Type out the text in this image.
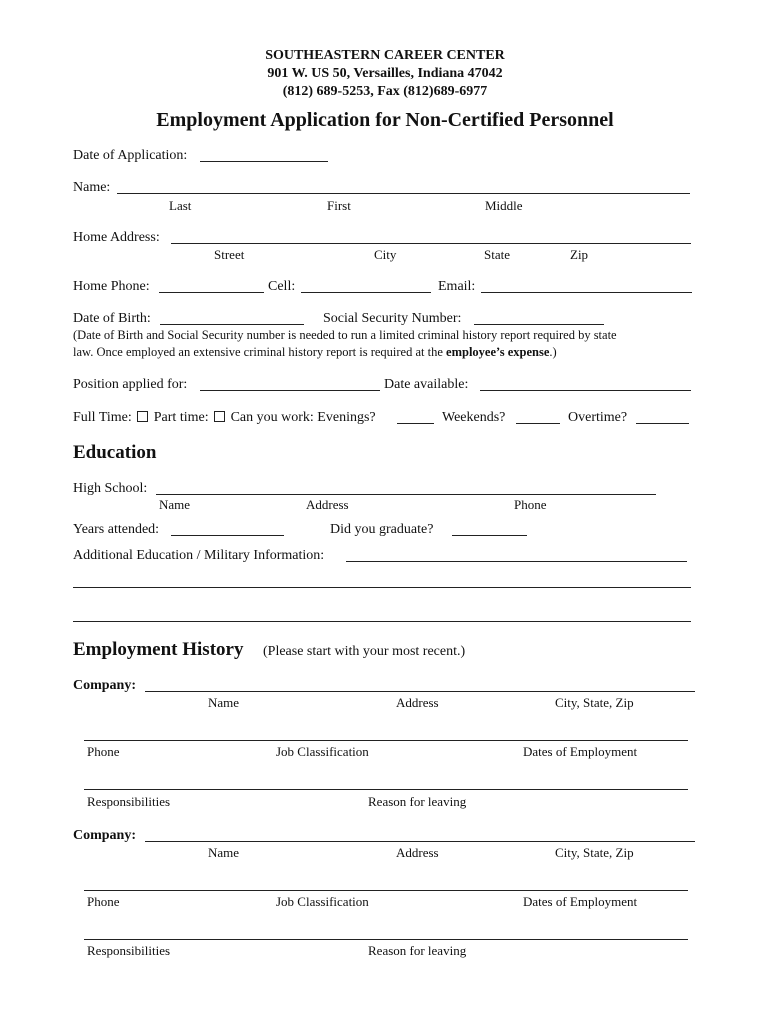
SOUTHEASTERN CAREER CENTER
901 W. US 50, Versailles, Indiana 47042
(812) 689-5253, Fax (812)689-6977
Employment Application for Non-Certified Personnel
Date of Application:
Name:
Last	First	Middle
Home Address:
Street	City	State	Zip
Home Phone:	Cell:	Email:
Date of Birth:	Social Security Number:
(Date of Birth and Social Security number is needed to run a limited criminal history report required by state
law. Once employed an extensive criminal history report is required at the employee’s expense.)
Position applied for:	Date available:
Full Time: Part time: Can you work: Evenings?	Weekends?	Overtime?
Education
High School:
Name	Address	Phone
Years attended:	Did you graduate?
Additional Education / Military Information:
Employment History (Please start with your most recent.)
Company:
Name	Address	City, State, Zip
Phone	Job Classification	Dates of Employment
Responsibilities	Reason for leaving
Company:
Name	Address	City, State, Zip
Phone	Job Classification	Dates of Employment
Responsibilities	Reason for leaving
